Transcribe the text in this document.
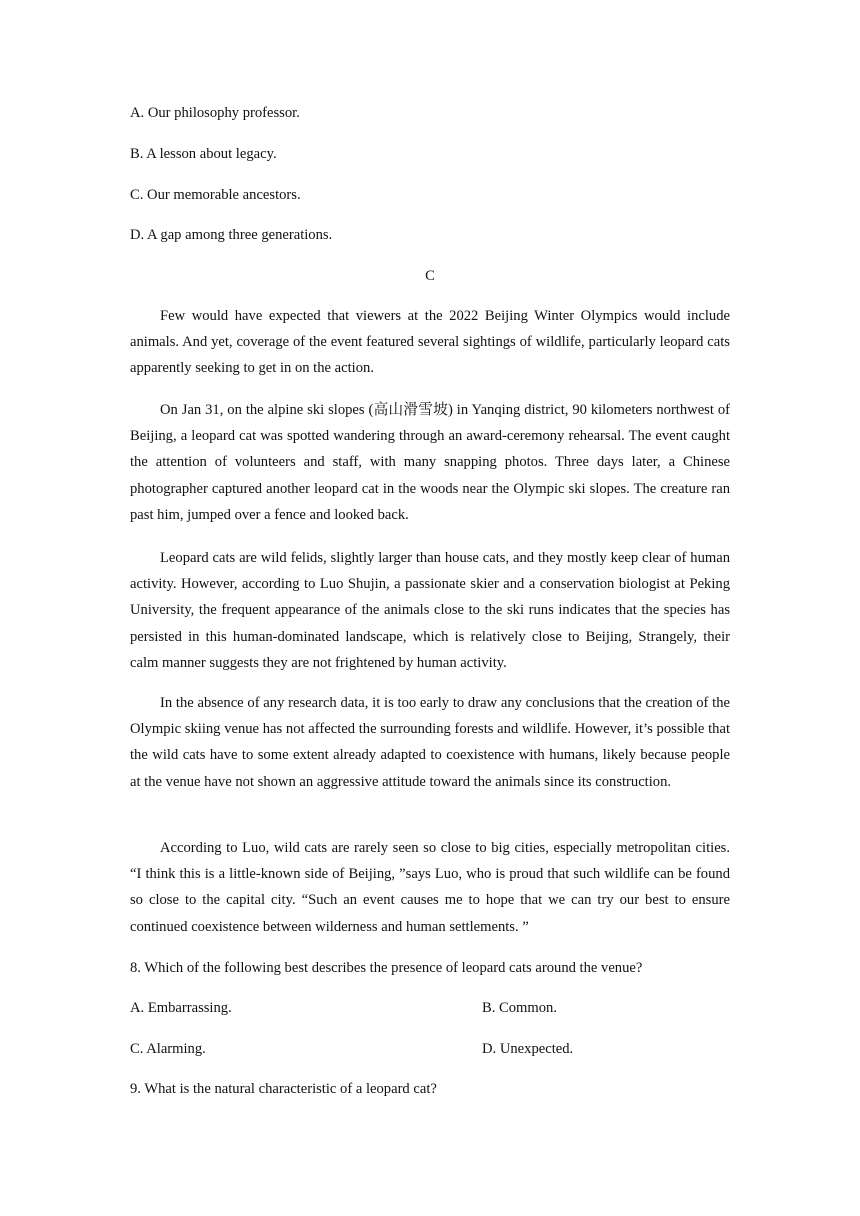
A. Our philosophy professor.
B. A lesson about legacy.
C. Our memorable ancestors.
D. A gap among three generations.
C
Few would have expected that viewers at the 2022 Beijing Winter Olympics would include animals. And yet, coverage of the event featured several sightings of wildlife, particularly leopard cats apparently seeking to get in on the action.
On Jan 31, on the alpine ski slopes (高山滑雪坡) in Yanqing district, 90 kilometers northwest of Beijing, a leopard cat was spotted wandering through an award-ceremony rehearsal. The event caught the attention of volunteers and staff, with many snapping photos. Three days later, a Chinese photographer captured another leopard cat in the woods near the Olympic ski slopes. The creature ran past him, jumped over a fence and looked back.
Leopard cats are wild felids, slightly larger than house cats, and they mostly keep clear of human activity. However, according to Luo Shujin, a passionate skier and a conservation biologist at Peking University, the frequent appearance of the animals close to the ski runs indicates that the species has persisted in this human-dominated landscape, which is relatively close to Beijing, Strangely, their calm manner suggests they are not frightened by human activity.
In the absence of any research data, it is too early to draw any conclusions that the creation of the Olympic skiing venue has not affected the surrounding forests and wildlife. However, it’s possible that the wild cats have to some extent already adapted to coexistence with humans, likely because people at the venue have not shown an aggressive attitude toward the animals since its construction.
According to Luo, wild cats are rarely seen so close to big cities, especially metropolitan cities. “I think this is a little-known side of Beijing, ”says Luo, who is proud that such wildlife can be found so close to the capital city. “Such an event causes me to hope that we can try our best to ensure continued coexistence between wilderness and human settlements. ”
8. Which of the following best describes the presence of leopard cats around the venue?
A. Embarrassing.	B. Common.
C. Alarming.	D. Unexpected.
9. What is the natural characteristic of a leopard cat?
